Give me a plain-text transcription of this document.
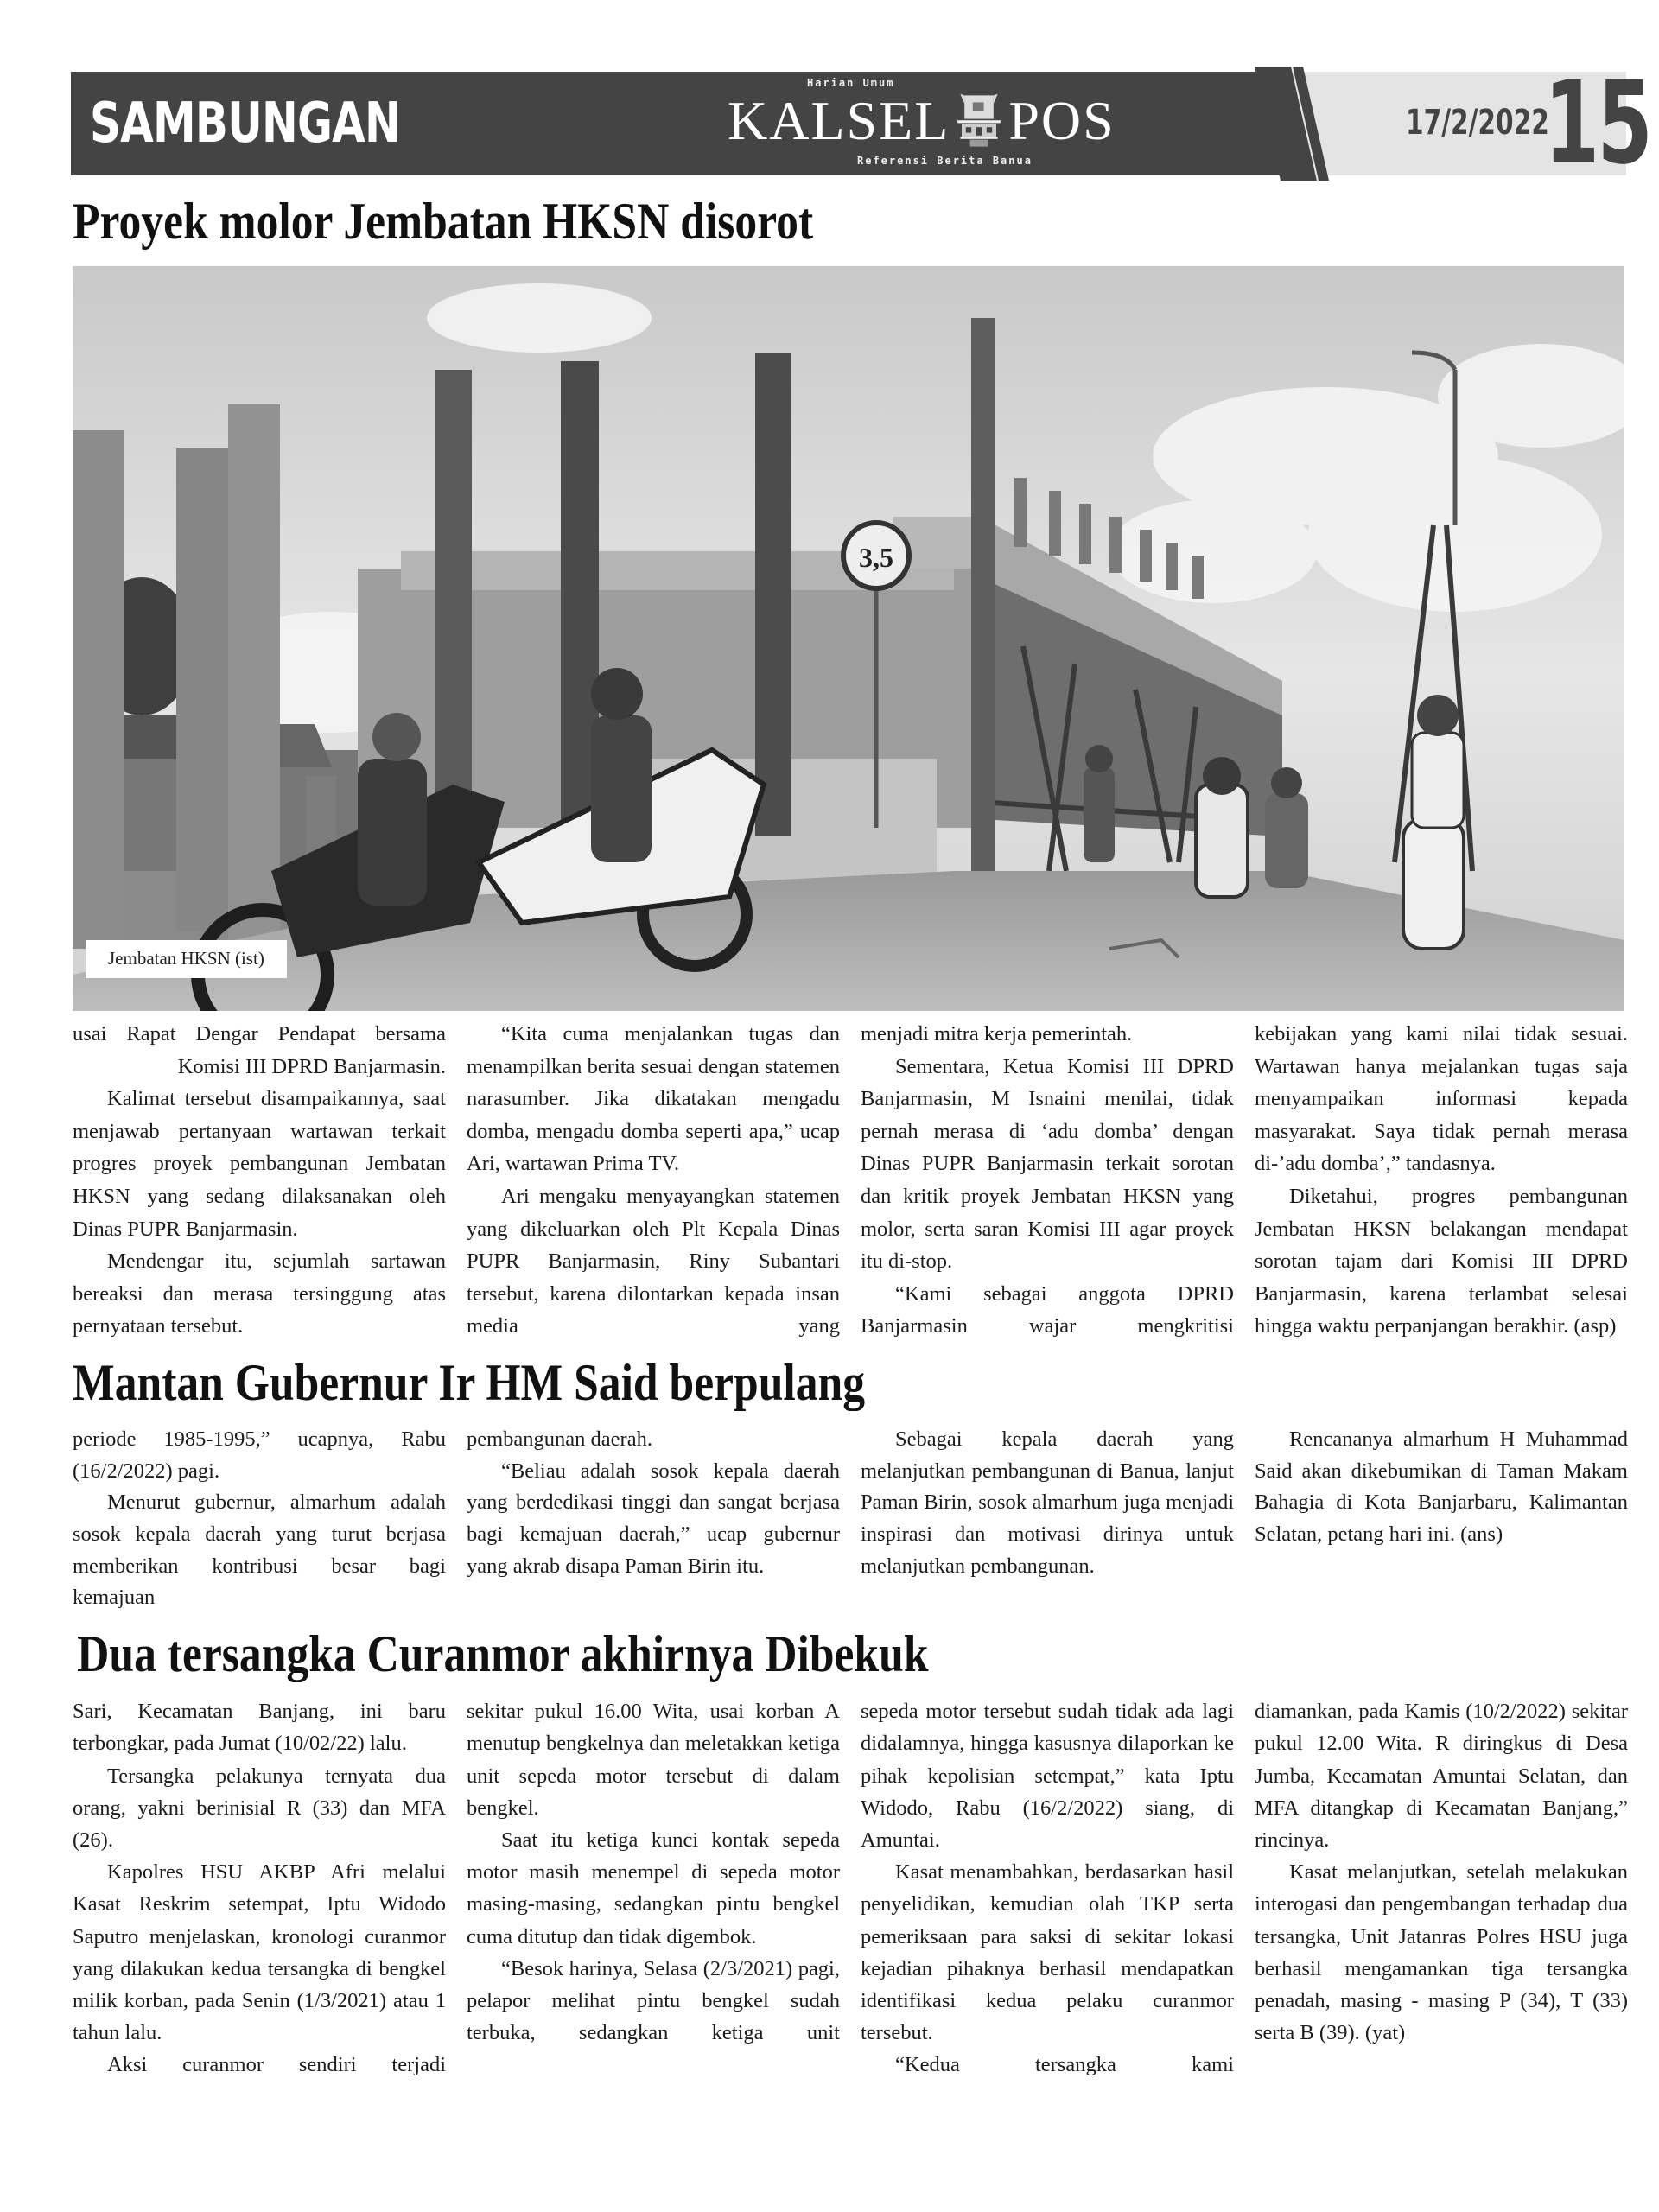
SAMBUNGAN
Harian Umum
KALSEL POS
Referensi Berita Banua
17/2/2022
15
Proyek molor Jembatan HKSN disorot
3,5
Jembatan HKSN (ist)

usai Rapat Dengar Pendapat bersama Komisi III DPRD Banjarmasin.

Kalimat tersebut disampaikannya, saat menjawab pertanyaan wartawan terkait progres proyek pembangunan Jembatan HKSN yang sedang dilaksanakan oleh Dinas PUPR Banjarmasin.

Mendengar itu, sejumlah sartawan bereaksi dan merasa tersinggung atas pernyataan tersebut.

“Kita cuma menjalankan tugas dan menampilkan berita sesuai dengan statemen narasumber. Jika dikatakan mengadu domba, mengadu domba seperti apa,” ucap Ari, wartawan Prima TV.

Ari mengaku menyayangkan statemen yang dikeluarkan oleh Plt Kepala Dinas PUPR Banjarmasin, Riny Subantari tersebut, karena dilontarkan kepada insan media yang

menjadi mitra kerja pemerintah.

Sementara, Ketua Komisi III DPRD Banjarmasin, M Isnaini menilai, tidak pernah merasa di ‘adu domba’ dengan Dinas PUPR Banjarmasin terkait sorotan dan kritik proyek Jembatan HKSN yang molor, serta saran Komisi III agar proyek itu di-stop.

“Kami sebagai anggota DPRD Banjarmasin wajar mengkritisi

kebijakan yang kami nilai tidak sesuai. Wartawan hanya mejalankan tugas saja menyampaikan informasi kepada masyarakat. Saya tidak pernah merasa di-’adu domba’,” tandasnya.

Diketahui, progres pembangunan Jembatan HKSN belakangan mendapat sorotan tajam dari Komisi III DPRD Banjarmasin, karena terlambat selesai hingga waktu perpanjangan berakhir. (asp)

Mantan Gubernur Ir HM Said berpulang

periode 1985-1995,” ucapnya, Rabu (16/2/2022) pagi.

Menurut gubernur, almarhum adalah sosok kepala daerah yang turut berjasa memberikan kontribusi besar bagi kemajuan

pembangunan daerah.

“Beliau adalah sosok kepala daerah yang berdedikasi tinggi dan sangat berjasa bagi kemajuan daerah,” ucap gubernur yang akrab disapa Paman Birin itu.

Sebagai kepala daerah yang melanjutkan pembangunan di Banua, lanjut Paman Birin, sosok almarhum juga menjadi inspirasi dan motivasi dirinya untuk melanjutkan pembangunan.

Rencananya almarhum H Muhammad Said akan dikebumikan di Taman Makam Bahagia di Kota Banjarbaru, Kalimantan Selatan, petang hari ini. (ans)

Dua tersangka Curanmor akhirnya Dibekuk

Sari, Kecamatan Banjang, ini baru terbongkar, pada Jumat (10/02/22) lalu.

Tersangka pelakunya ternyata dua orang, yakni berinisial R (33) dan MFA (26).

Kapolres HSU AKBP Afri melalui Kasat Reskrim setempat, Iptu Widodo Saputro menjelaskan, kronologi curanmor yang dilakukan kedua tersangka di bengkel milik korban, pada Senin (1/3/2021) atau 1 tahun lalu.

Aksi curanmor sendiri terjadi

sekitar pukul 16.00 Wita, usai korban A menutup bengkelnya dan meletakkan ketiga unit sepeda motor tersebut di dalam bengkel.

Saat itu ketiga kunci kontak sepeda motor masih menempel di sepeda motor masing-masing, sedangkan pintu bengkel cuma ditutup dan tidak digembok.

“Besok harinya, Selasa (2/3/2021) pagi, pelapor melihat pintu bengkel sudah terbuka, sedangkan ketiga unit

sepeda motor tersebut sudah tidak ada lagi didalamnya, hingga kasusnya dilaporkan ke pihak kepolisian setempat,” kata Iptu Widodo, Rabu (16/2/2022) siang, di Amuntai.

Kasat menambahkan, berdasarkan hasil penyelidikan, kemudian olah TKP serta pemeriksaan para saksi di sekitar lokasi kejadian pihaknya berhasil mendapatkan identifikasi kedua pelaku curanmor tersebut.

“Kedua tersangka kami

diamankan, pada Kamis (10/2/2022) sekitar pukul 12.00 Wita. R diringkus di Desa Jumba, Kecamatan Amuntai Selatan, dan MFA ditangkap di Kecamatan Banjang,” rincinya.

Kasat melanjutkan, setelah melakukan interogasi dan pengembangan terhadap dua tersangka, Unit Jatanras Polres HSU juga berhasil mengamankan tiga tersangka penadah, masing - masing P (34), T (33) serta B (39). (yat)
